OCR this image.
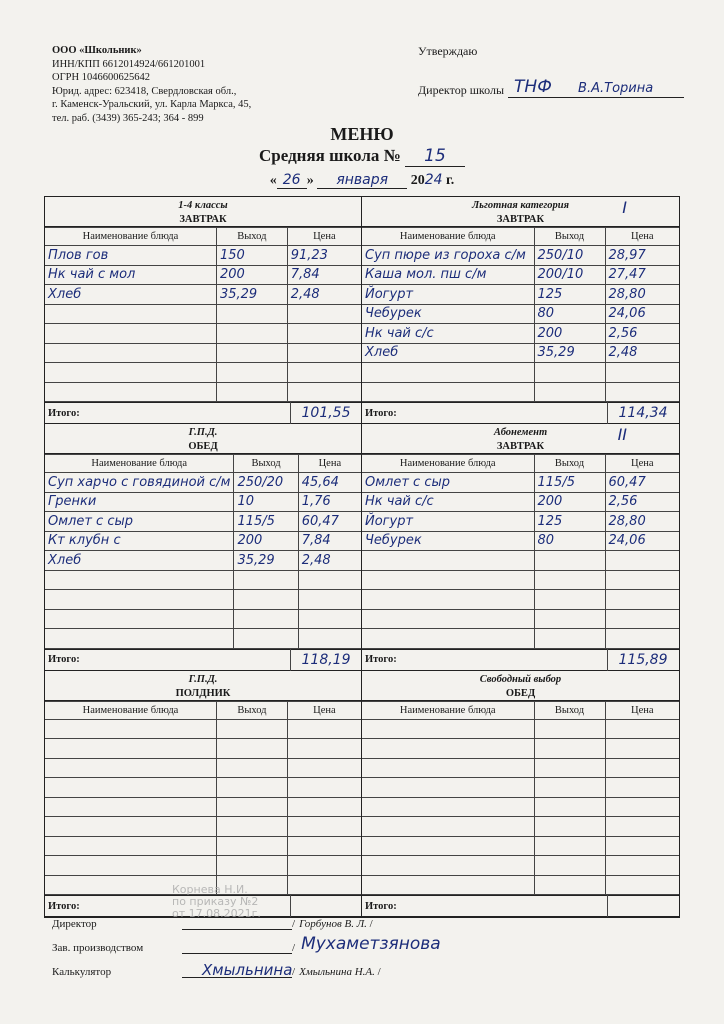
ООО «Школьник»
ИНН/КПП 6612014924/661201001
ОГРН 1046600625642
Юрид. адрес: 623418, Свердловская обл.,
г. Каменск-Уральский, ул. Карла Маркса, 45,
тел. раб. (3439) 365-243; 364 - 899
Утверждаю
Директор школы ТНФ В.А.Торина
МЕНЮ
Средняя школа № 15
« 26 » января 2024 г.
1-4 классы
ЗАВТРАК
Наименование блюда	Выход	Цена
Плов гов	150	91,23
Нк чай с мол	200	7,84
Хлеб	35,29	2,48

Итого:	101,55
Льготная категория
ЗАВТРАК
I
Наименование блюда	Выход	Цена
Суп пюре из гороха с/м	250/10	28,97
Каша мол. пш с/м	200/10	27,47
Йогурт	125	28,80
Чебурек	80	24,06
Нк чай с/с	200	2,56
Хлеб	35,29	2,48

Итого:	114,34
Г.П.Д.
ОБЕД
Наименование блюда	Выход	Цена
Суп харчо с говядиной с/м	250/20	45,64
Гренки	10	1,76
Омлет с сыр	115/5	60,47
Кт клубн с	200	7,84
Хлеб	35,29	2,48

Итого:	118,19
Абонемент
ЗАВТРАК
II
Наименование блюда	Выход	Цена
Омлет с сыр	115/5	60,47
Нк чай с/с	200	2,56
Йогурт	125	28,80
Чебурек	80	24,06

Итого:	115,89
Г.П.Д.
ПОЛДНИК
Наименование блюда	Выход	Цена

Итого:
Свободный выбор
ОБЕД
Наименование блюда	Выход	Цена

Итого:
Корнева Н.И.
по приказу №2
от 17.08.2021г.
Директор	/ Горбунов В. Л. /
Зав. производством	/ Мухаметзянова
Калькулятор	Хмыльнина / Хмыльнина Н.А. /
